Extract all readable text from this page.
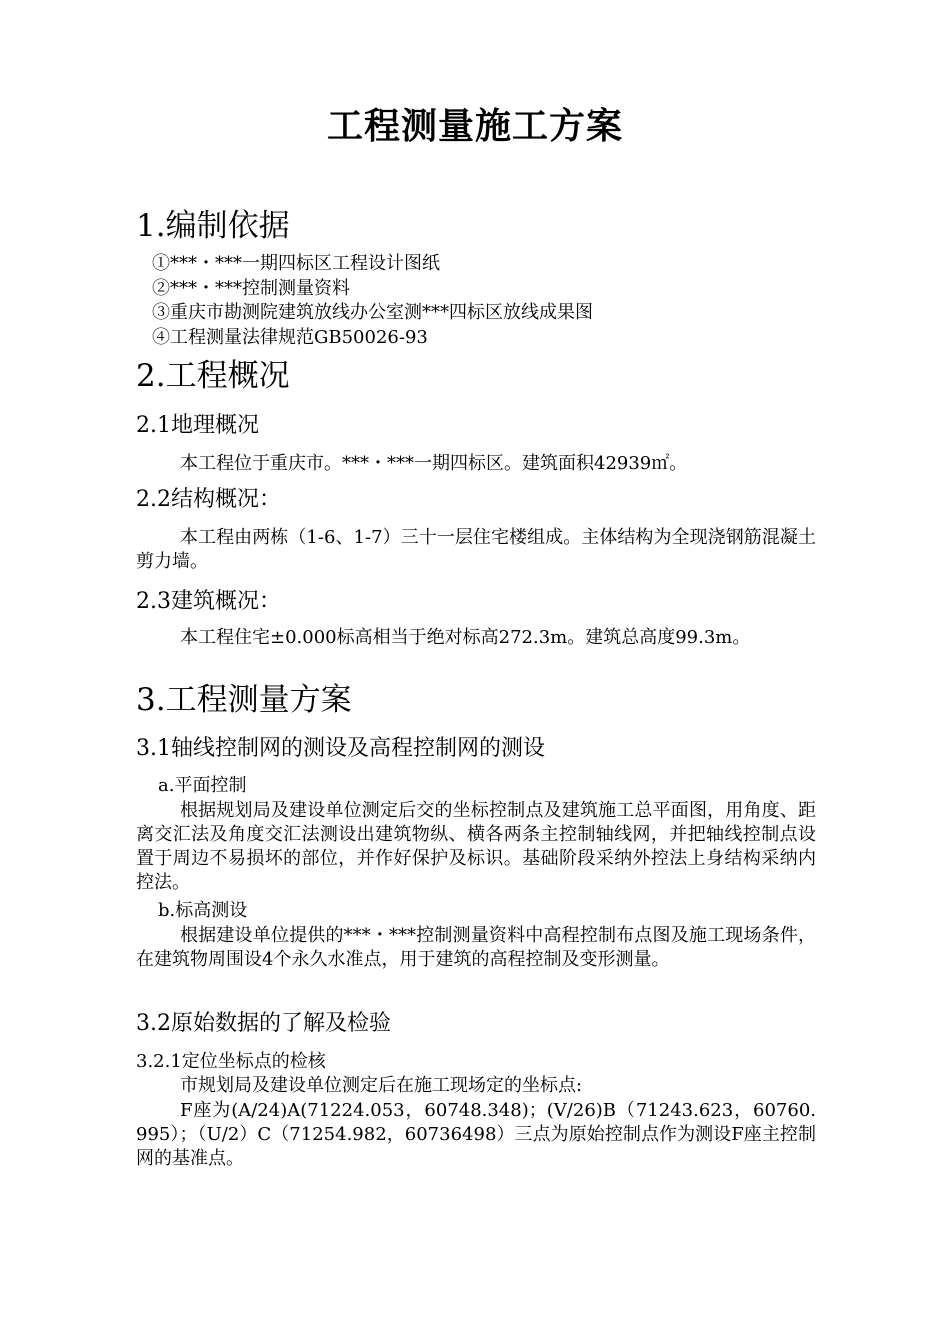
工程测量施工方案
1.编制依据
①***・***一期四标区工程设计图纸
②***・***控制测量资料
③重庆市勘测院建筑放线办公室测***四标区放线成果图
④工程测量法律规范GB50026-93
2.工程概况
2.1地理概况
本工程位于重庆市。***・***一期四标区。建筑面积42939㎡。
2.2结构概况：
本工程由两栋（1-6、1-7）三十一层住宅楼组成。主体结构为全现浇钢筋混凝土剪力墙。
2.3建筑概况：
本工程住宅±0.000标高相当于绝对标高272.3m。建筑总高度99.3m。
3.工程测量方案
3.1轴线控制网的测设及高程控制网的测设
a.平面控制
根据规划局及建设单位测定后交的坐标控制点及建筑施工总平面图，用角度、距离交汇法及角度交汇法测设出建筑物纵、横各两条主控制轴线网，并把轴线控制点设置于周边不易损坏的部位，并作好保护及标识。基础阶段采纳外控法上身结构采纳内控法。
b.标高测设
根据建设单位提供的***・***控制测量资料中高程控制布点图及施工现场条件，在建筑物周围设4个永久水准点，用于建筑的高程控制及变形测量。
3.2原始数据的了解及检验
3.2.1定位坐标点的检核
市规划局及建设单位测定后在施工现场定的坐标点:
F座为(A/24)A(71224.053，60748.348)；(V/26)B（71243.623，60760.995）；（U/2）C（71254.982，60736498）三点为原始控制点作为测设F座主控制网的基准点。
